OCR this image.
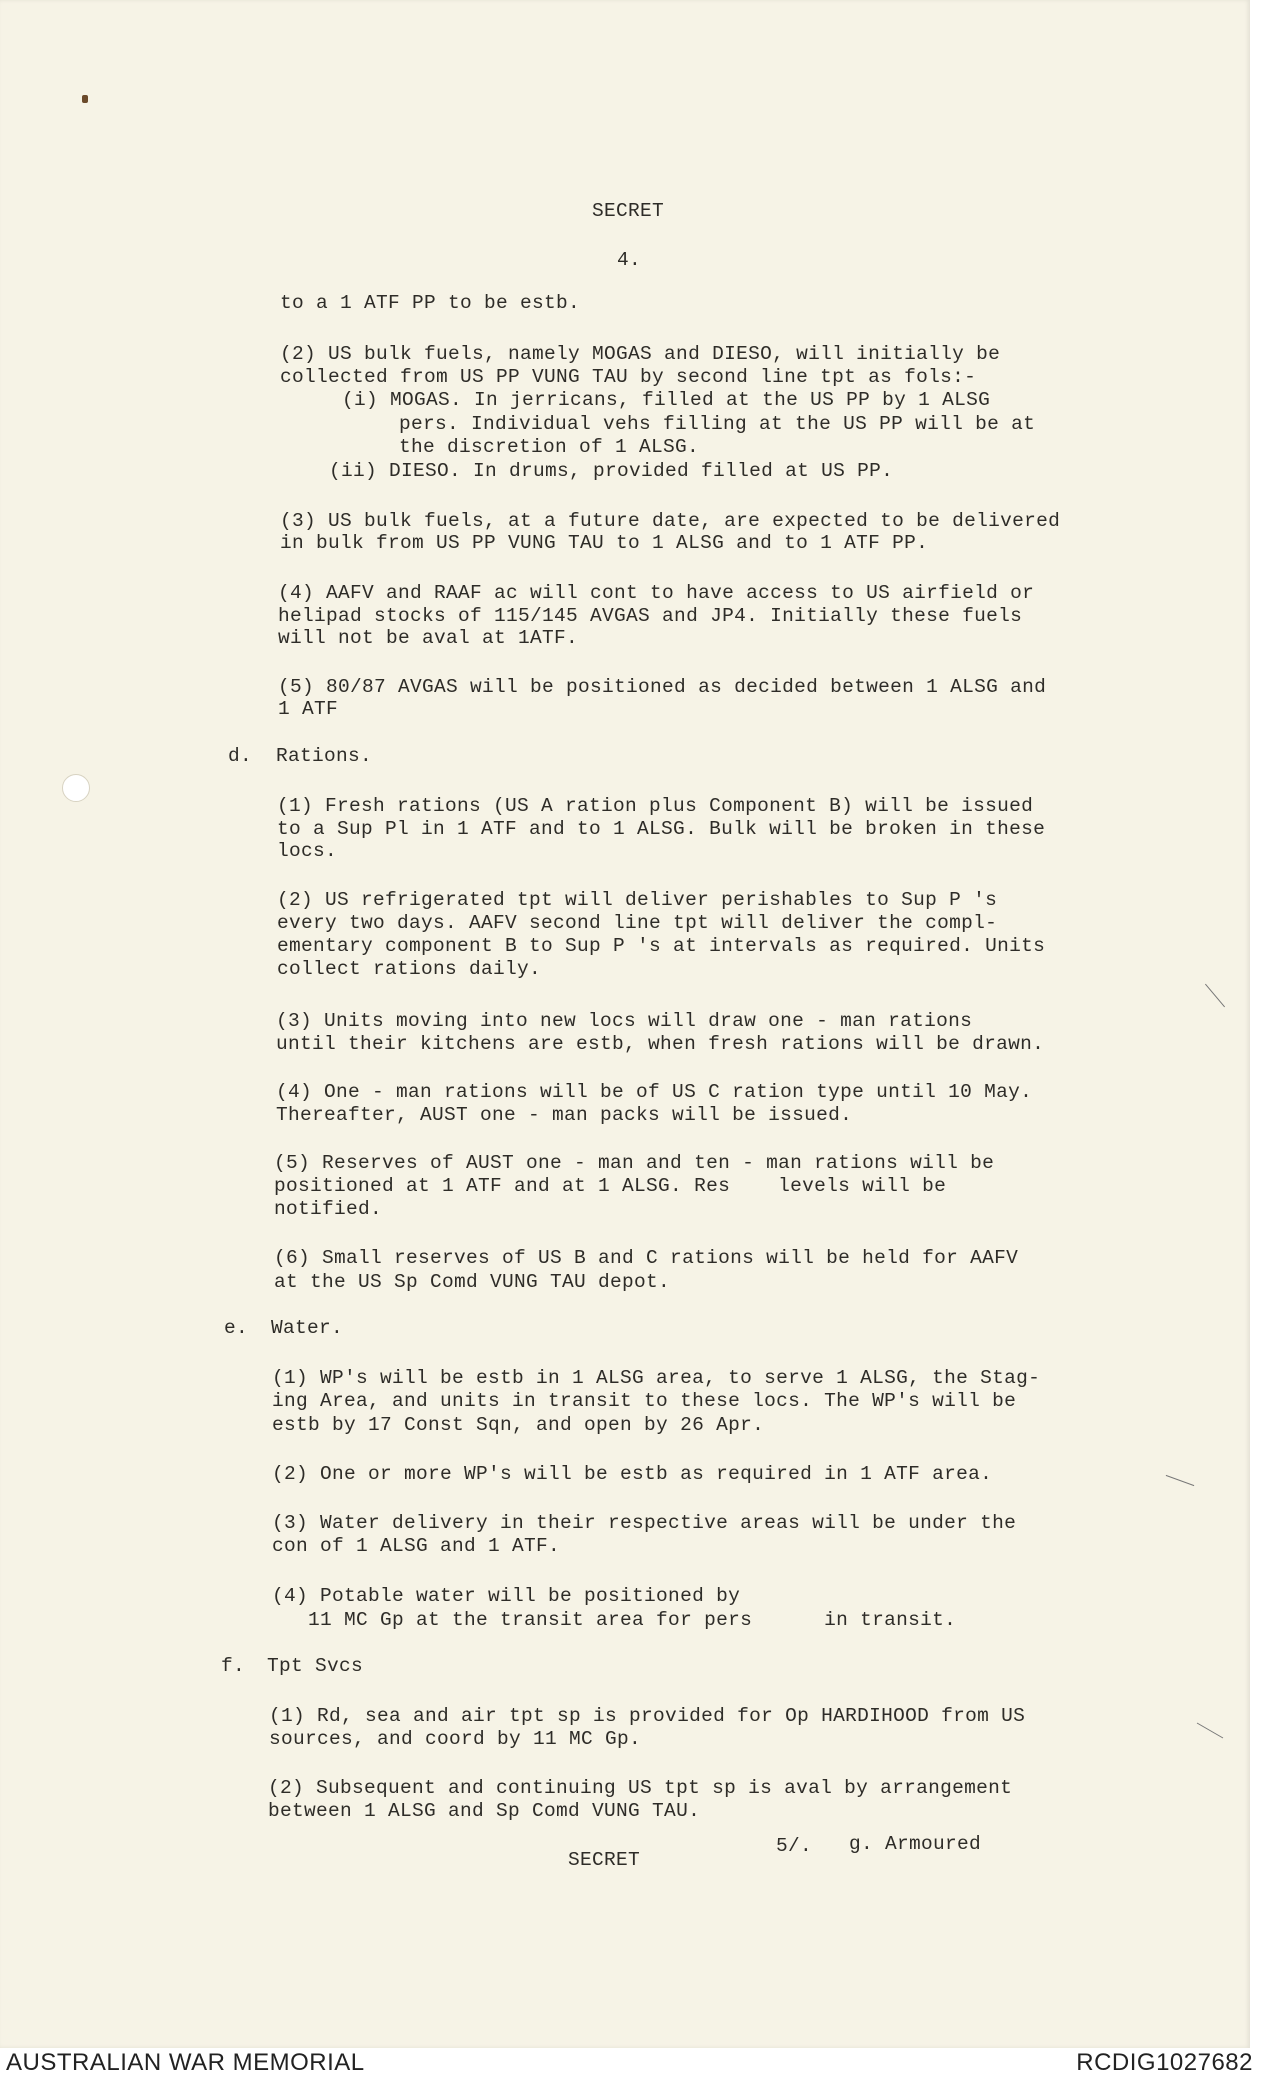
SECRET
4.
to a 1 ATF PP to be estb.
(2) US bulk fuels, namely MOGAS and DIESO, will initially be
collected from US PP VUNG TAU by second line tpt as fols:-
(i) MOGAS. In jerricans, filled at the US PP by 1 ALSG
pers. Individual vehs filling at the US PP will be at
the discretion of 1 ALSG.
(ii) DIESO. In drums, provided filled at US PP.
(3) US bulk fuels, at a future date, are expected to be delivered
in bulk from US PP VUNG TAU to 1 ALSG and to 1 ATF PP.
(4) AAFV and RAAF ac will cont to have access to US airfield or
helipad stocks of 115/145 AVGAS and JP4. Initially these fuels
will not be aval at 1ATF.
(5) 80/87 AVGAS will be positioned as decided between 1 ALSG and
1 ATF
d. Rations.
(1) Fresh rations (US A ration plus Component B) will be issued
to a Sup Pl in 1 ATF and to 1 ALSG. Bulk will be broken in these
locs.
(2) US refrigerated tpt will deliver perishables to Sup P 's
every two days. AAFV second line tpt will deliver the compl-
ementary component B to Sup P 's at intervals as required. Units
collect rations daily.
(3) Units moving into new locs will draw one - man rations
until their kitchens are estb, when fresh rations will be drawn.
(4) One - man rations will be of US C ration type until 10 May.
Thereafter, AUST one - man packs will be issued.
(5) Reserves of AUST one - man and ten - man rations will be
positioned at 1 ATF and at 1 ALSG. Res    levels will be
notified.
(6) Small reserves of US B and C rations will be held for AAFV
at the US Sp Comd VUNG TAU depot.
e. Water.
(1) WP's will be estb in 1 ALSG area, to serve 1 ALSG, the Stag-
ing Area, and units in transit to these locs. The WP's will be
estb by 17 Const Sqn, and open by 26 Apr.
(2) One or more WP's will be estb as required in 1 ATF area.
(3) Water delivery in their respective areas will be under the
con of 1 ALSG and 1 ATF.
(4) Potable water will be positioned by
11 MC Gp at the transit area for pers      in transit.
f. Tpt Svcs
(1) Rd, sea and air tpt sp is provided for Op HARDIHOOD from US
sources, and coord by 11 MC Gp.
(2) Subsequent and continuing US tpt sp is aval by arrangement
between 1 ALSG and Sp Comd VUNG TAU.
5/. g. Armoured
SECRET
AUSTRALIAN WAR MEMORIAL	RCDIG1027682
